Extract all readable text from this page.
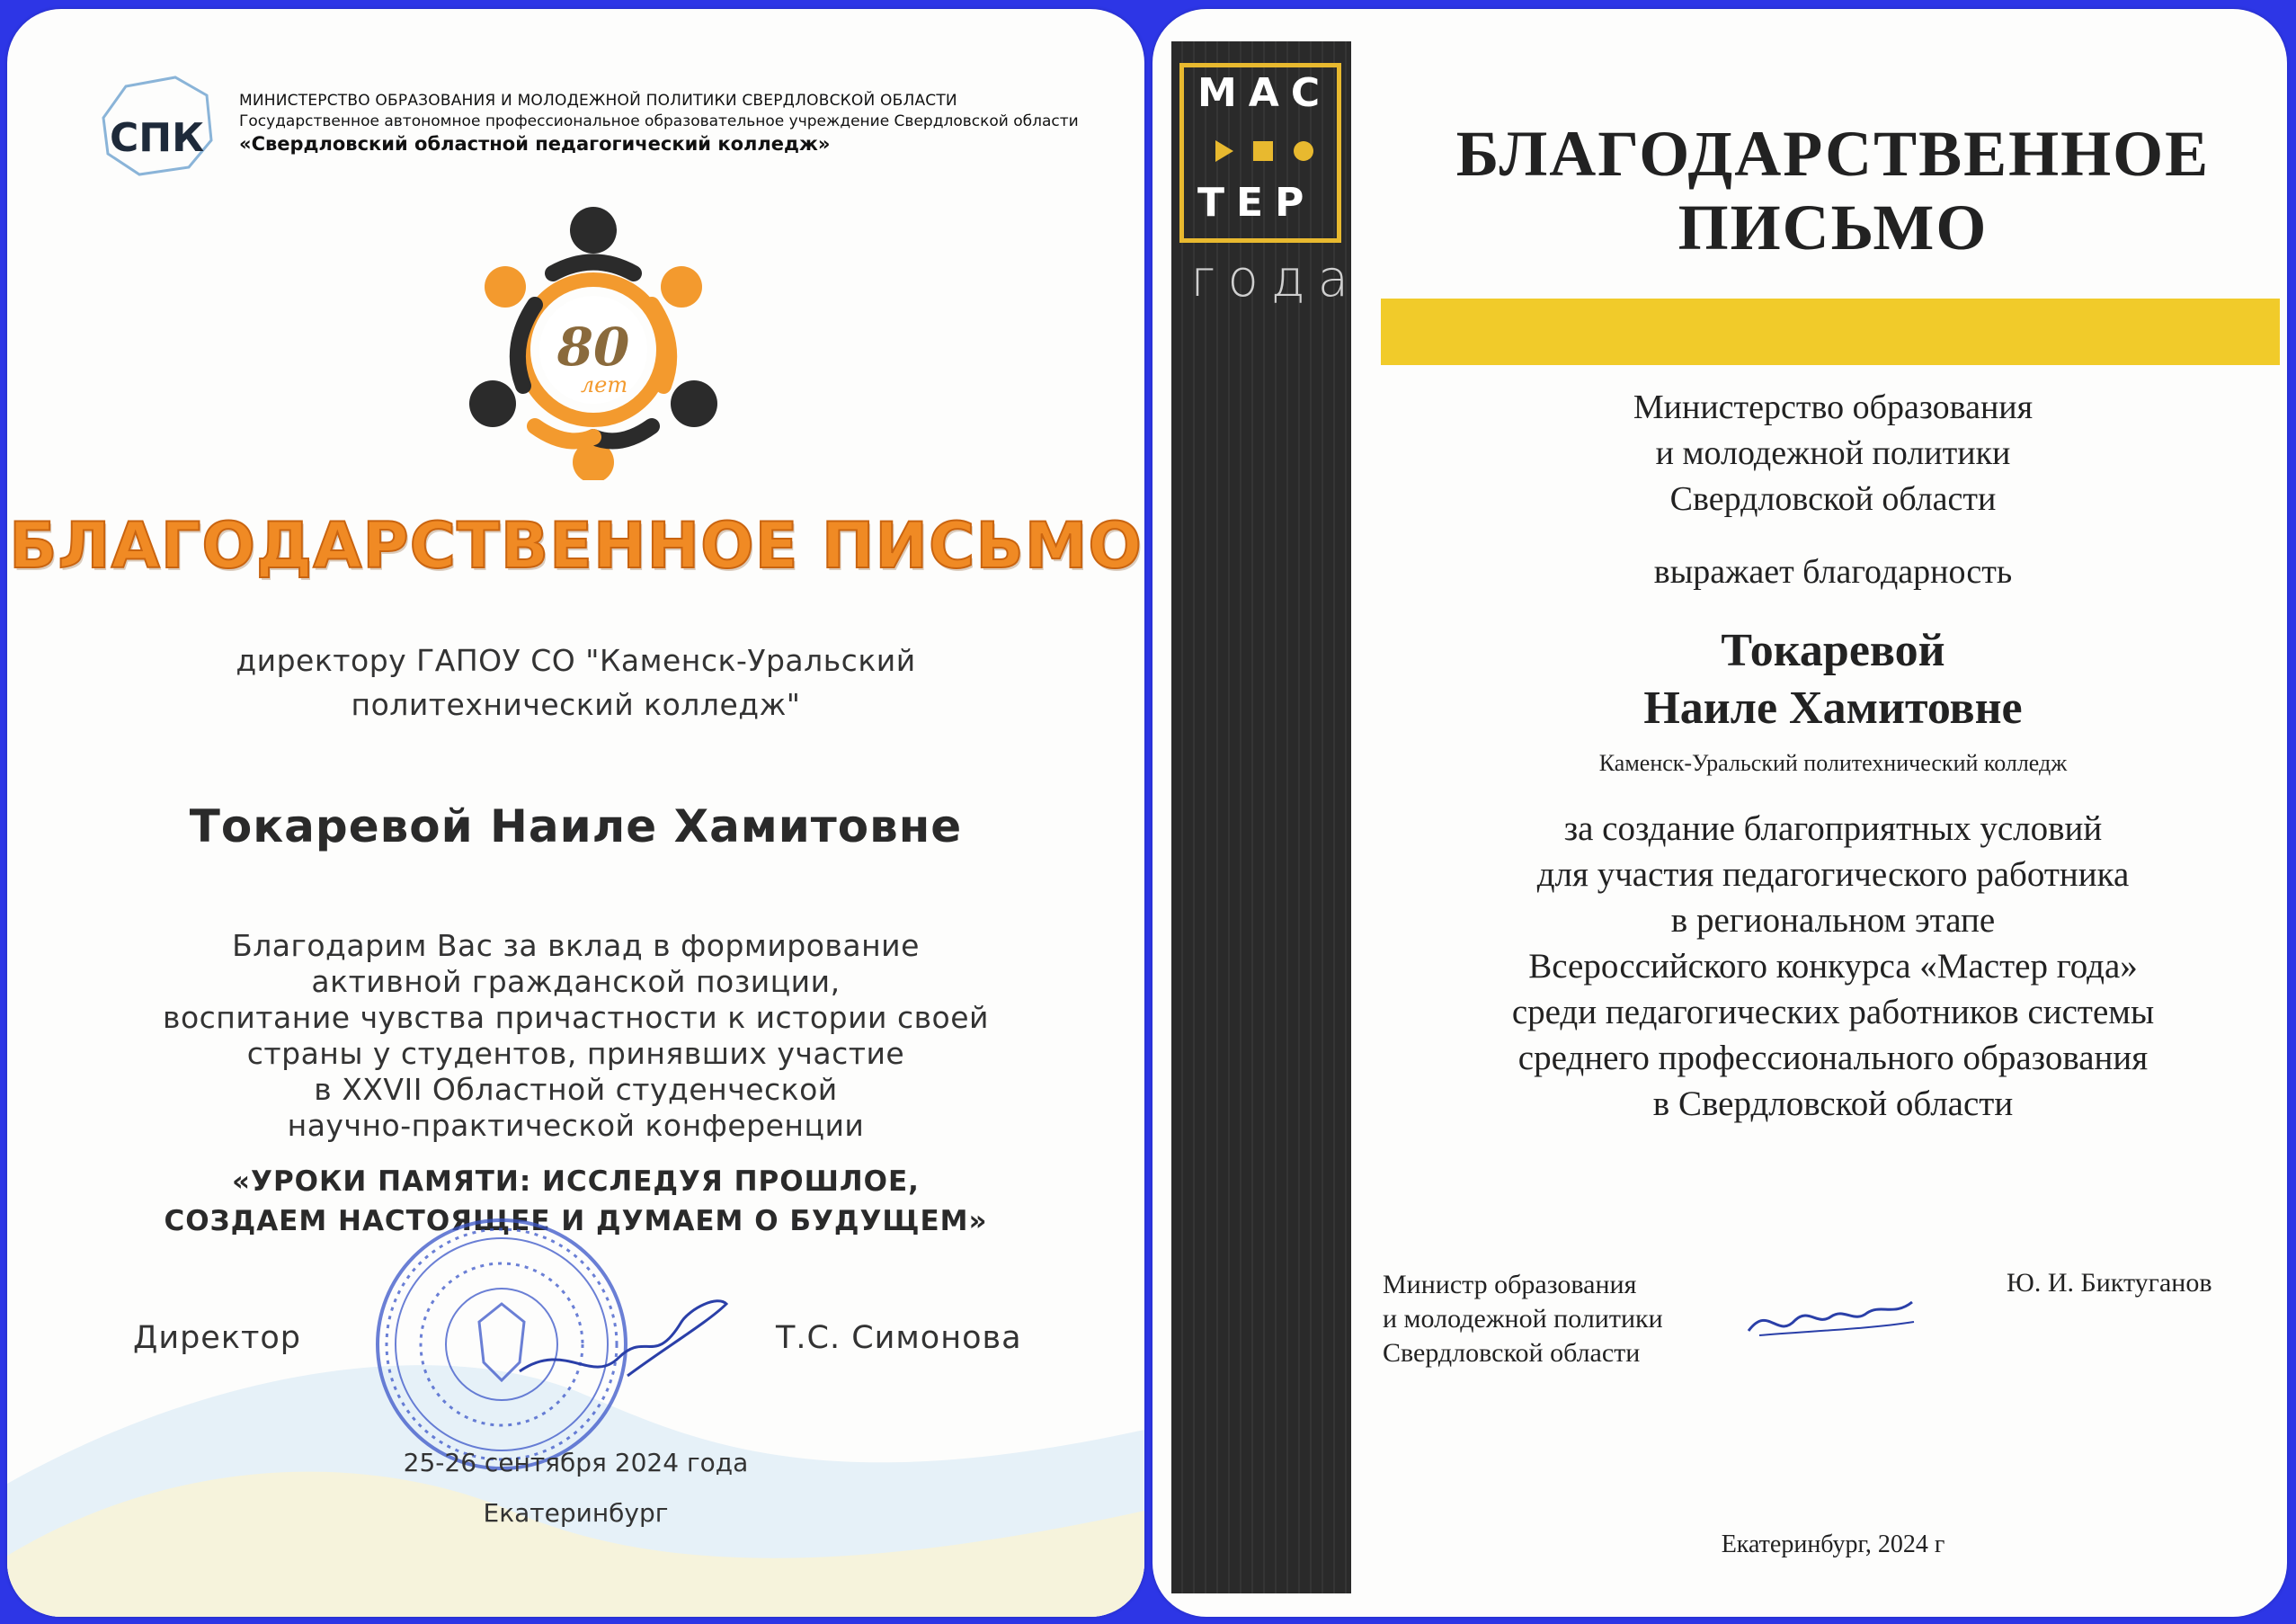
СПК
МИНИСТЕРСТВО ОБРАЗОВАНИЯ И МОЛОДЕЖНОЙ ПОЛИТИКИ СВЕРДЛОВСКОЙ ОБЛАСТИ
Государственное автономное профессиональное образовательное учреждение Свердловской области
«Свердловский областной педагогический колледж»
80
лет
БЛАГОДАРСТВЕННОЕ ПИСЬМО
директору ГАПОУ СО "Каменск-Уральский
политехнический колледж"
Токаревой Наиле Хамитовне
Благодарим Вас за вклад в формирование
активной гражданской позиции,
воспитание чувства причастности к истории своей
страны у студентов, принявших участие
в XXVII Областной студенческой
научно-практической конференции
«УРОКИ ПАМЯТИ: ИССЛЕДУЯ ПРОШЛОЕ,
СОЗДАЕМ НАСТОЯЩЕЕ И ДУМАЕМ О БУДУЩЕМ»
Директор	Т.С. Симонова
25-26 сентября 2024 года
Екатеринбург
МАС
ТЕР
года
БЛАГОДАРСТВЕННОЕ
ПИСЬМО
Министерство образования
и молодежной политики
Свердловской области
выражает благодарность
Токаревой
Наиле Хамитовне
Каменск-Уральский политехнический колледж
за создание благоприятных условий
для участия педагогического работника
в региональном этапе
Всероссийского конкурса «Мастер года»
среди педагогических работников системы
среднего профессионального образования
в Свердловской области
Министр образования
и молодежной политики
Свердловской области
Ю. И. Биктуганов
Екатеринбург, 2024 г
